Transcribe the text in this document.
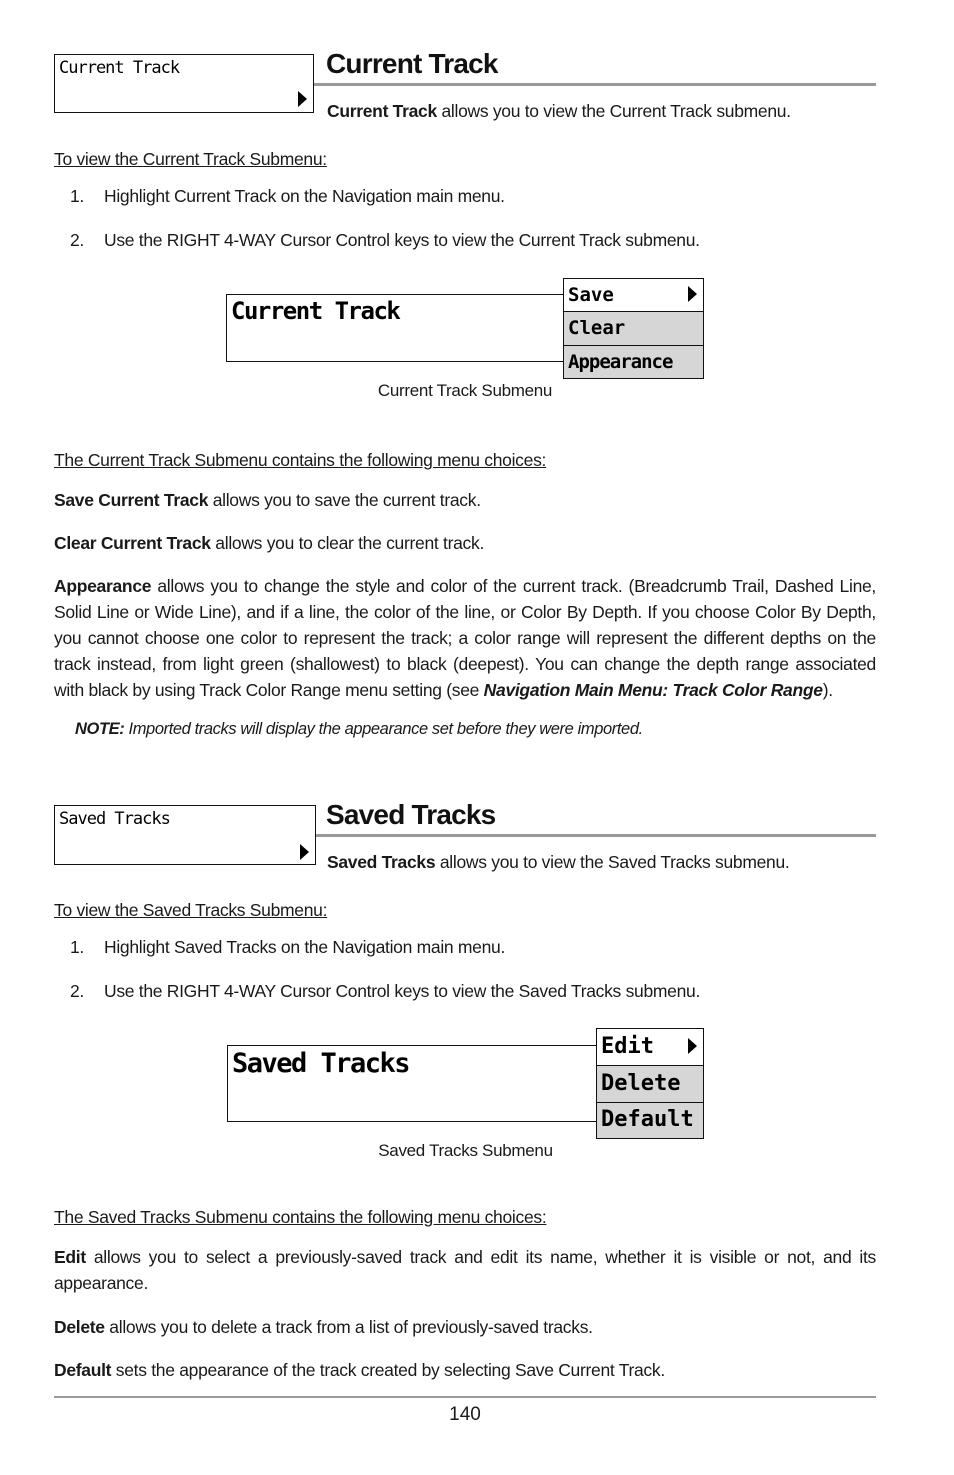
Current Track	Current Track
Current Track allows you to view the Current Track submenu.
To view the Current Track Submenu:
1. Highlight Current Track on the Navigation main menu.
2. Use the RIGHT 4-WAY Cursor Control keys to view the Current Track submenu.
Current Track
Save
Clear
Appearance
Current Track Submenu
The Current Track Submenu contains the following menu choices:
Save Current Track allows you to save the current track.
Clear Current Track allows you to clear the current track.
Appearance allows you to change the style and color of the current track. (Breadcrumb Trail, Dashed Line, Solid Line or Wide Line), and if a line, the color of the line, or Color By Depth. If you choose Color By Depth, you cannot choose one color to represent the track; a color range will represent the different depths on the track instead, from light green (shallowest) to black (deepest). You can change the depth range associated with black by using Track Color Range menu setting (see Navigation Main Menu: Track Color Range).
NOTE: Imported tracks will display the appearance set before they were imported.
Saved Tracks	Saved Tracks
Saved Tracks allows you to view the Saved Tracks submenu.
To view the Saved Tracks Submenu:
1. Highlight Saved Tracks on the Navigation main menu.
2. Use the RIGHT 4-WAY Cursor Control keys to view the Saved Tracks submenu.
Saved Tracks
Edit
Delete
Default
Saved Tracks Submenu
The Saved Tracks Submenu contains the following menu choices:
Edit allows you to select a previously-saved track and edit its name, whether it is visible or not, and its appearance.
Delete allows you to delete a track from a list of previously-saved tracks.
Default sets the appearance of the track created by selecting Save Current Track.
140
